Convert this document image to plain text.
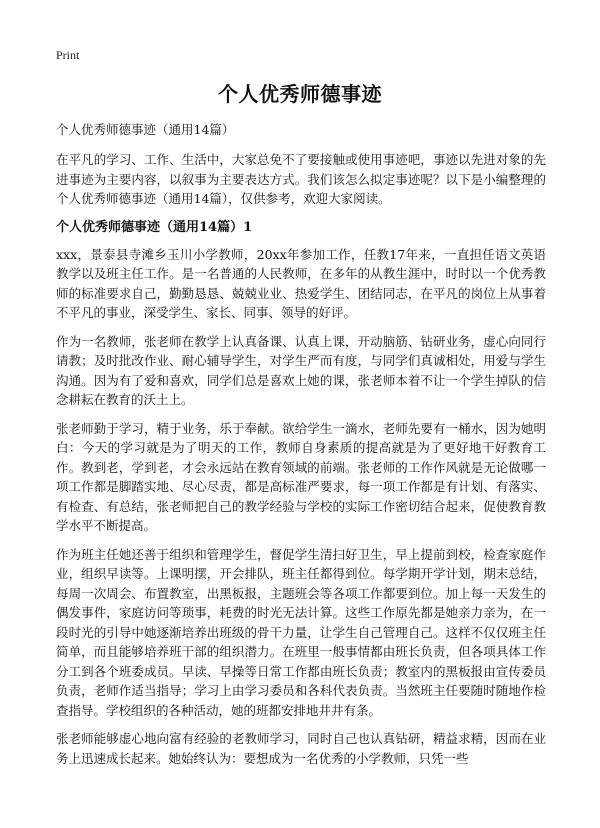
Print
个人优秀师德事迹
个人优秀师德事迹（通用14篇）

在平凡的学习、工作、生活中，大家总免不了要接触或使用事迹吧，事迹以先进对象的先进事迹为主要内容，以叙事为主要表达方式。我们该怎么拟定事迹呢？以下是小编整理的个人优秀师德事迹（通用14篇），仅供参考，欢迎大家阅读。

个人优秀师德事迹（通用14篇）1

xxx，景泰县寺滩乡玉川小学教师，20xx年参加工作，任教17年来，一直担任语文英语教学以及班主任工作。是一名普通的人民教师，在多年的从教生涯中，时时以一个优秀教师的标准要求自己，勤勤恳恳、兢兢业业、热爱学生、团结同志，在平凡的岗位上从事着不平凡的事业，深受学生、家长、同事、领导的好评。

作为一名教师，张老师在教学上认真备课、认真上课，开动脑筋、钻研业务，虚心向同行请教；及时批改作业、耐心辅导学生，对学生严而有度，与同学们真诚相处，用爱与学生沟通。因为有了爱和喜欢，同学们总是喜欢上她的课，张老师本着不让一个学生掉队的信念耕耘在教育的沃土上。

张老师勤于学习，精于业务，乐于奉献。欲给学生一滴水，老师先要有一桶水，因为她明白：今天的学习就是为了明天的工作，教师自身素质的提高就是为了更好地干好教育工作。教到老，学到老，才会永远站在教育领域的前端。张老师的工作作风就是无论做哪一项工作都是脚踏实地、尽心尽责，都是高标准严要求，每一项工作都是有计划、有落实、有检查、有总结，张老师把自己的教学经验与学校的实际工作密切结合起来，促使教育教学水平不断提高。

作为班主任她还善于组织和管理学生，督促学生清扫好卫生，早上提前到校，检查家庭作业，组织早读等。上课明摆，开会排队，班主任都得到位。每学期开学计划，期末总结，每周一次周会、布置教室，出黑板报，主题班会等各项工作都要到位。加上每一天发生的偶发事件，家庭访问等琐事，耗费的时光无法计算。这些工作原先都是她亲力亲为，在一段时光的引导中她逐渐培养出班级的骨干力量，让学生自己管理自己。这样不仅仅班主任简单，而且能够培养班干部的组织潜力。在班里一般事情都由班长负责，但各项具体工作分工到各个班委成员。早读、早操等日常工作都由班长负责；教室内的黑板报由宣传委员负责，老师作适当指导；学习上由学习委员和各科代表负责。当然班主任要随时随地作检查指导。学校组织的各种活动，她的班都安排地井井有条。

张老师能够虚心地向富有经验的老教师学习，同时自己也认真钻研，精益求精，因而在业务上迅速成长起来。她始终认为：要想成为一名优秀的小学教师，只凭一些
